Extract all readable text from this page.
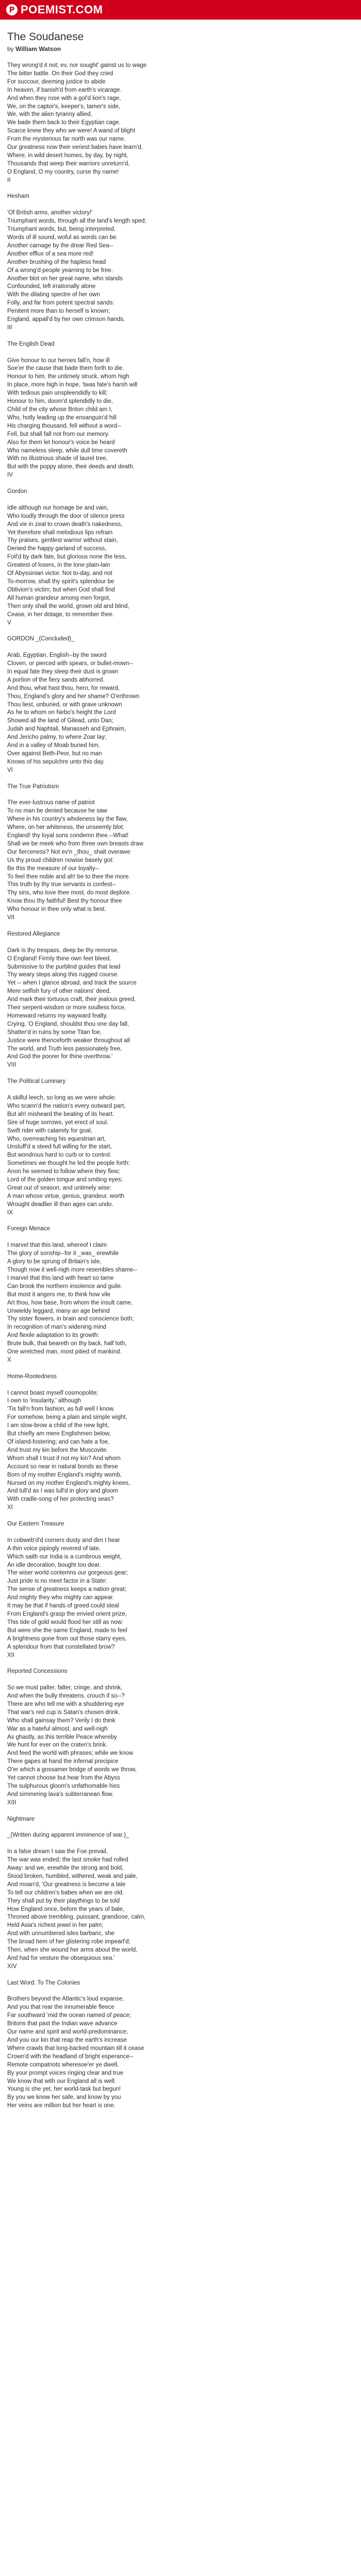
P POEMIST.COM
The Soudanese
by William Watson
They wrong'd it not; ev, nor sought' gainst us to wage
The bitter battle. On their God they cried
For succour, deeming justice to abide
In heaven, if banish'd from earth's vicarage.
And when they rose with a gol'd lion's rage,
We, on the captor's, keeper's, tamer's side,
We, with the alien tyranny allied,
We bade them back to their Egyptian cage.
Scarce knew they who we were! A wand of blight
From the mysterious far north was our name.
Our greatness now their veriest babes have learn'd,
Where, in wild desert homes, by day, by night,
Thousands that weep their warriors unreturn'd,
O England, O my country, curse thy name!
II
Hesham
'Of British arms, another victory!'
Triumphant words, through all the land's length sped;
Triumphant words, but, being interpreted,
Words of ill sound, woful as words can be.
Another carnage by the drear Red Sea--
Another efflux of a sea more red!
Another brushing of the hapless head
Of a wrong'd people yearning to be free.
Another blot on her great name, who stands
Confounded, left irrationally alone
With the dilating spectre of her own
Folly, and far from potent spectral sands:
Penitent more than to herself is known;
England, appall'd by her own crimson hands.
III
The English Dead
Give honour to our heroes fall'n, how ill
Soe'er the cause that bade them forth to die.
Honour to him, the untimely struck, whom high
In place, more high in hope, 'twas fate's harsh will
With tedious pain unspleendidly to kill;
Honour to him, doom'd splendidly to die,
Child of the city whose Briton child am I,
Who, hotly leading up the ensanguin'd hill
His charging thousand, fell without a word--
Fell, but shall fall not from our memory.
Also for them let honour's voice be heard
Who nameless sleep, while dull time covereth
With no illustrious shade of laurel tree,
But with the poppy alone, their deeds and death.
IV
Gordon
Idle although our homage be and vain,
Who loudly through the door of silence press
And vie in zeal to crown death's nakedness,
Yet therefore shall melodious lips refrain
Thy praises, gentlest warrior without stain,
Denied the happy garland of success,
Foil'd by dark fate, but glorious none the less,
Greatest of losers, in the lone plain-lain
Of Abyssinian victor. Not to-day, and not
To-morrow, shall thy spirit's splendour be
Oblivion's victim; but when God shall find
All human grandeur among men forgot,
Then only shall the world, grown old and blind,
Cease, in her dotage, to remember thee.
V
GORDON _(Concluded)_
Arab, Egyptian, English--by the sword
Cloven, or pierced with spears, or bullet-mown--
In equal fate they sleep their dust is grown
A portion of the fiery sands abhorred.
And thou, what hast thou, hero, for reward,
Thou, England's glory and her shame? O'erthrown
Thou liest, unburied, or with grave unknown
As he to whom on Nebo's height the Lord
Showed all the land of Gilead, unto Dan;
Judah and Naphtali, Manasseh and Ephraim,
And Jericho palmy, to where Zoar lay;
And in a valley of Moab buried him,
Over against Beth-Peor, but no man
Knows of his sepulchre unto this day.
VI
The True Patriotism
The ever-lustrous name of patriot
To no man be denied because he saw
Where in his country's wholeness lay the flaw,
Where, on her whiteness, the unseemly blot:
England! thy loyal sons condemn thee.--What!
Shall we be meek who from three own breasts draw
Our fierceness? Not ev'n _thou_ shalt overawe
Us thy proud children nowise basely got:
Be this the measure of our loyalty--
To feel thee noble and ah! be to thee the more.
This truth by thy true servants is confest--
Thy sins, who love thee most, do most deplore.
Know thou thy faithful! Best thy honour thee
Who honour in thee only what is best.
VII
Restored Allegiance
Dark is thy trespass, deep be thy remorse,
O England! Firmly thine own feet bleed,
Submissive to the purblind guides that lead
Thy weary steps along this rugged course.
Yet -- when I glance abroad, and track the source
Mere selfish fury of other nations' deed,
And mark their tortuous craft, their jealous greed,
Their serpent-wisdom or more soulless force,
Homeward returns my wayward fealty,
Crying, 'O England, shouldst thou one day fall,
Shatter'd in ruins by some Titan foe,
Justice were thenceforth weaker throughout all
The world, and Truth less passionately free,
And God the poorer for thine overthrow.'
VIII
The Political Luminary
A skilful leech, so long as we were whole:
Who scann'd the nation's every outward part,
But ah! misheard the beating of its heart.
Sire of huge sorrows, yet erect of soul.
Swift rider with calamity for goal,
Who, overreaching his equestrian art,
Unstuff'd a steed full willing for the start,
But wondrous hard to curb or to control.
Sometimes we thought he led the people forth:
Anon he seemed to follow where they flew;
Lord of the golden tongue and smiting eyes;
Great out of season, and untimely wise:
A man whose virtue, genius, grandeur, worth
Wrought deadlier ill than ages can undo.
IX
Foreign Menace
I marvel that this land, whereof I claim
The glory of sonship--for it _was_ erewhile
A glory to be sprung of Britain's isle,
Though now it well-nigh more resembles shame--
I marvel that this land with heart so tame
Can brook the northern insolence and guile.
But most it angers me, to think how vile
Art thou, how base, from whom the insult came,
Unwieldy leggard, many an age behind
Thy sister flowers, in brain and conscience both;
In recognition of man's widening mind
And flexile adaptation to its growth:
Brute bulk, that beareth on thy back, half loth,
One wretched man, most pitied of mankind.
X
Home-Rootedness
I cannot boast myself cosmopolite;
I own to 'insularity,' although
'Tis fall'n from fashion, as full well I know.
For somehow, being a plain and simple wight,
I am slow-brow a child of the new light,
But chiefly am mere Englishmen below,
Of island-fostering; and can hate a foe,
And trust my kin before the Muscovite.
Whom shall I trust if not my kin? And whom
Account so near in natural bonds as these
Born of my mother England's mighty womb,
Nursed on my mother England's mighty knees,
And lull'd as I was lull'd in glory and gloom
With cradle-song of her protecting seas?
XI
Our Eastern Treasure
In cobweb'd'd corners dusty and dim I hear
A thin voice pipingly revered of late,
Which saith our India is a cumbrous weight,
An idle decoration, bought too dear.
The wiser world contemns our gorgeous gear;
Just pride is no meet factor in a State:
The sense of greatness keeps a nation great;
And mighty they who mighty can appear.
It may be that if hands of greed could steal
From England's grasp the envied orient prize,
This tide of gold would flood her still as now:
But were she the same England, made to feel
A brightness gone from out those starry eyes,
A splendour from that constellated brow?
XII
Reported Concessions
So we must palter, falter, cringe, and shrink,
And when the bully threatens, crouch if so--?
There are who tell me with a shuddering eye
That war's red cup is Satan's chosen drink.
Who shall gainsay them? Verily I do think
War as a hateful almost, and well-nigh
As ghastly, as this terrible Peace whereby
We hunt for ever on the craten's brink.
And feed the world with phrases; while we know
There gapes at hand the infernal precipice
O'er which a gossamer bridge of words we throw,
Yet cannot choose but hear from the Abyss
The sulphurous gloom's unfathomable hiss
And simmering lava's subterranean flow.
XIII
Nightmare
_(Written during apparent imminence of war.)_
In a false dream I saw the Foe prevail.
The war was ended; the last smoke had rolled
Away: and we, erewhile the strong and bold,
Stood broken, humbled, withered, weak and pale,
And moan'd, 'Our greatness is become a tale
To tell our children's babes when we are old.
They shall put by their playthings to be told
How England once, before the years of bale,
Throned above trembling, puissant, grandiose, calm,
Held Asia's richest jewel in her palm;
And with unnumbered isles barbaric, she
The broad hem of her glistering robe impearl'd;
Then, when she wound her arms about the world,
And had for vesture the obsequious sea.'
XIV
Last Word: To The Colonies
Brothers beyond the Atlantic's loud expanse,
And you that rear the innumerable fleece
Far southward 'mid the ocean named of peace;
Britons that past the Indian wave advance
Our name and spirit and world-predominance;
And you our kin that reap the earth's increase
Where crawls that long-backed mountain till it cease
Crown'd with the headland of bright esperance--
Remote compatriots wheresoe'er ye dwell,
By your prompt voices ringing clear and true
We know that with our England all is well:
Young is she yet, her world-task but begun!
By you we know her safe, and know by you
Her veins are million but her heart is one.
